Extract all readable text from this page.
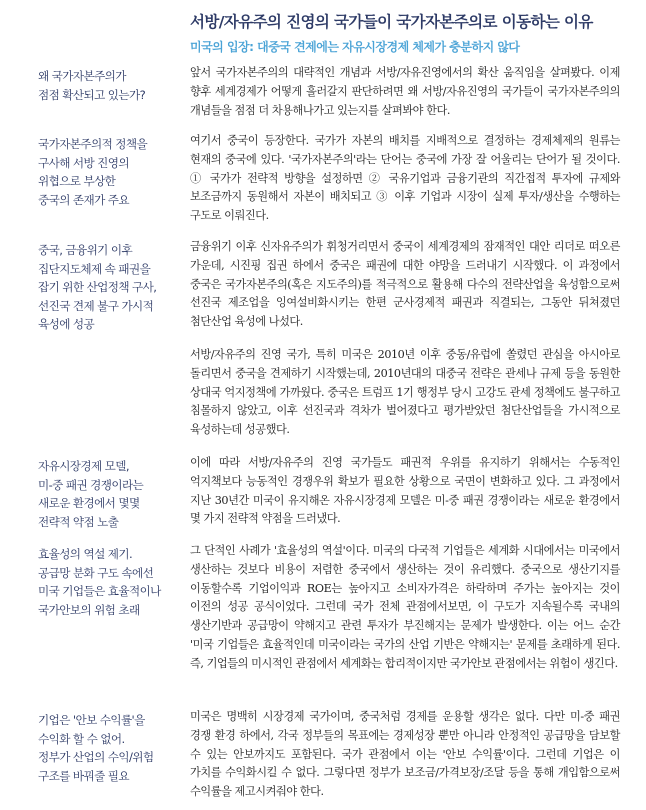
서방/자유주의 진영의 국가들이 국가자본주의로 이동하는 이유
미국의 입장: 대중국 견제에는 자유시장경제 체제가 충분하지 않다
왜 국가자본주의가
점점 확산되고 있는가?
앞서 국가자본주의의 대략적인 개념과 서방/자유진영에서의 확산 움직임을 살펴봤다. 이제 향후 세계경제가 어떻게 흘러갈지 판단하려면 왜 서방/자유진영의 국가들이 국가자본주의의 개념들을 점점 더 차용해나가고 있는지를 살펴봐야 한다.
국가자본주의적 정책을
구사해 서방 진영의
위협으로 부상한
중국의 존재가 주요
여기서 중국이 등장한다. 국가가 자본의 배치를 지배적으로 결정하는 경제체제의 원류는 현재의 중국에 있다. '국가자본주의'라는 단어는 중국에 가장 잘 어울리는 단어가 될 것이다. ① 국가가 전략적 방향을 설정하면 ② 국유기업과 금융기관의 직간접적 투자에 규제와 보조금까지 동원해서 자본이 배치되고 ③ 이후 기업과 시장이 실제 투자/생산을 수행하는 구도로 이뤄진다.
중국, 금융위기 이후
집단지도체제 속 패권을
잡기 위한 산업정책 구사,
선진국 견제 불구 가시적
육성에 성공
금융위기 이후 신자유주의가 휘청거리면서 중국이 세계경제의 잠재적인 대안 리더로 떠오른 가운데, 시진핑 집권 하에서 중국은 패권에 대한 야망을 드러내기 시작했다. 이 과정에서 중국은 국가자본주의(혹은 지도주의)를 적극적으로 활용해 다수의 전략산업을 육성함으로써 선진국 제조업을 잉여설비화시키는 한편 군사경제적 패권과 직결되는, 그동안 뒤쳐졌던 첨단산업 육성에 나섰다.
서방/자유주의 진영 국가, 특히 미국은 2010년 이후 중동/유럽에 쏠렸던 관심을 아시아로 돌리면서 중국을 견제하기 시작했는데, 2010년대의 대중국 전략은 관세나 규제 등을 동원한 상대국 억지정책에 가까웠다. 중국은 트럼프 1기 행정부 당시 고강도 관세 정책에도 불구하고 침몰하지 않았고, 이후 선진국과 격차가 벌어졌다고 평가받았던 첨단산업들을 가시적으로 육성하는데 성공했다.
자유시장경제 모델,
미-중 패권 경쟁이라는
새로운 환경에서 몇몇
전략적 약점 노출
이에 따라 서방/자유주의 진영 국가들도 패권적 우위를 유지하기 위해서는 수동적인 억지책보다 능동적인 경쟁우위 확보가 필요한 상황으로 국면이 변화하고 있다. 그 과정에서 지난 30년간 미국이 유지해온 자유시장경제 모델은 미-중 패권 경쟁이라는 새로운 환경에서 몇 가지 전략적 약점을 드러냈다.
효율성의 역설 제기.
공급망 분화 구도 속에선
미국 기업들은 효율적이나
국가안보의 위험 초래
그 단적인 사례가 '효율성의 역설'이다. 미국의 다국적 기업들은 세계화 시대에서는 미국에서 생산하는 것보다 비용이 저렴한 중국에서 생산하는 것이 유리했다. 중국으로 생산기지를 이동할수록 기업이익과 ROE는 높아지고 소비자가격은 하락하며 주가는 높아지는 것이 이전의 성공 공식이었다. 그런데 국가 전체 관점에서보면, 이 구도가 지속될수록 국내의 생산기반과 공급망이 약해지고 관련 투자가 부진해지는 문제가 발생한다. 이는 어느 순간 '미국 기업들은 효율적인데 미국이라는 국가의 산업 기반은 약해지는' 문제를 초래하게 된다. 즉, 기업들의 미시적인 관점에서 세계화는 합리적이지만 국가안보 관점에서는 위험이 생긴다.
기업은 '안보 수익률'을
수익화 할 수 없어.
정부가 산업의 수익/위험
구조를 바꿔줄 필요
미국은 명백히 시장경제 국가이며, 중국처럼 경제를 운용할 생각은 없다. 다만 미-중 패권 경쟁 환경 하에서, 각국 정부들의 목표에는 경제성장 뿐만 아니라 안정적인 공급망을 담보할 수 있는 안보까지도 포함된다. 국가 관점에서 이는 '안보 수익률'이다. 그런데 기업은 이 가치를 수익화시킬 수 없다. 그렇다면 정부가 보조금/가격보장/조달 등을 통해 개입함으로써 수익률을 제고시켜줘야 한다.
